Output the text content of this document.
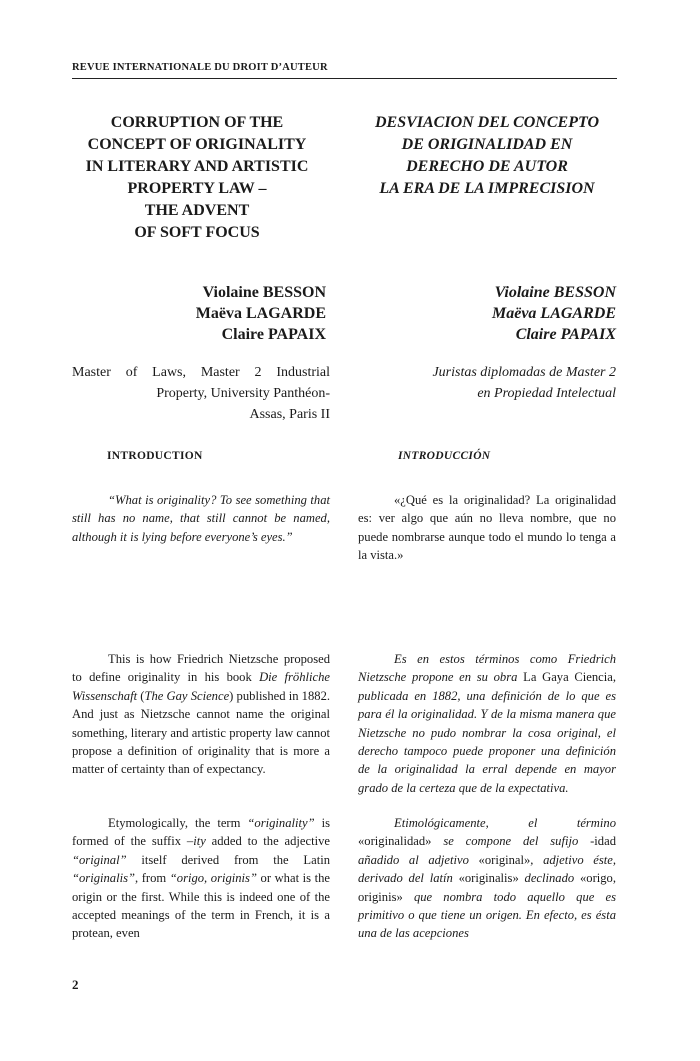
REVUE INTERNATIONALE DU DROIT D’AUTEUR
CORRUPTION OF THE
CONCEPT OF ORIGINALITY
IN LITERARY AND ARTISTIC
PROPERTY LAW –
THE ADVENT
OF SOFT FOCUS
DESVIACION DEL CONCEPTO
DE ORIGINALIDAD EN
DERECHO DE AUTOR
LA ERA DE LA IMPRECISION
Violaine BESSON
Maëva LAGARDE
Claire PAPAIX
Violaine BESSON
Maëva LAGARDE
Claire PAPAIX
Master of Laws, Master 2 Industrial
Property, University Panthéon-
Assas, Paris II
Juristas diplomadas de Master 2
en Propiedad Intelectual
INTRODUCTION	INTRODUCCIÓN

“What is originality? To see something that still has no name, that still cannot be named, although it is lying before everyone’s eyes.”

«¿Qué es la originalidad? La originalidad es: ver algo que aún no lleva nombre, que no puede nombrarse aunque todo el mundo lo tenga a la vista.»

This is how Friedrich Nietzsche proposed to define originality in his book Die fröhliche Wissenschaft (The Gay Science) published in 1882. And just as Nietzsche cannot name the original something, literary and artistic property law cannot propose a definition of originality that is more a matter of certainty than of expectancy.

Es en estos términos como Friedrich Nietzsche propone en su obra La Gaya Ciencia, publicada en 1882, una definición de lo que es para él la originalidad. Y de la misma manera que Nietzsche no pudo nombrar la cosa original, el derecho tampoco puede proponer una definición de la originalidad la erral depende en mayor grado de la certeza que de la expectativa.

Etymologically, the term “originality” is formed of the suffix –ity added to the adjective “original” itself derived from the Latin “originalis”, from “origo, originis” or what is the origin or the first. While this is indeed one of the accepted meanings of the term in French, it is a protean, even

Etimológicamente, el término «originalidad» se compone del sufijo -idad añadido al adjetivo «original», adjetivo éste, derivado del latín «originalis» declinado «origo, originis» que nombra todo aquello que es primitivo o que tiene un origen. En efecto, es ésta una de las acepciones

2
